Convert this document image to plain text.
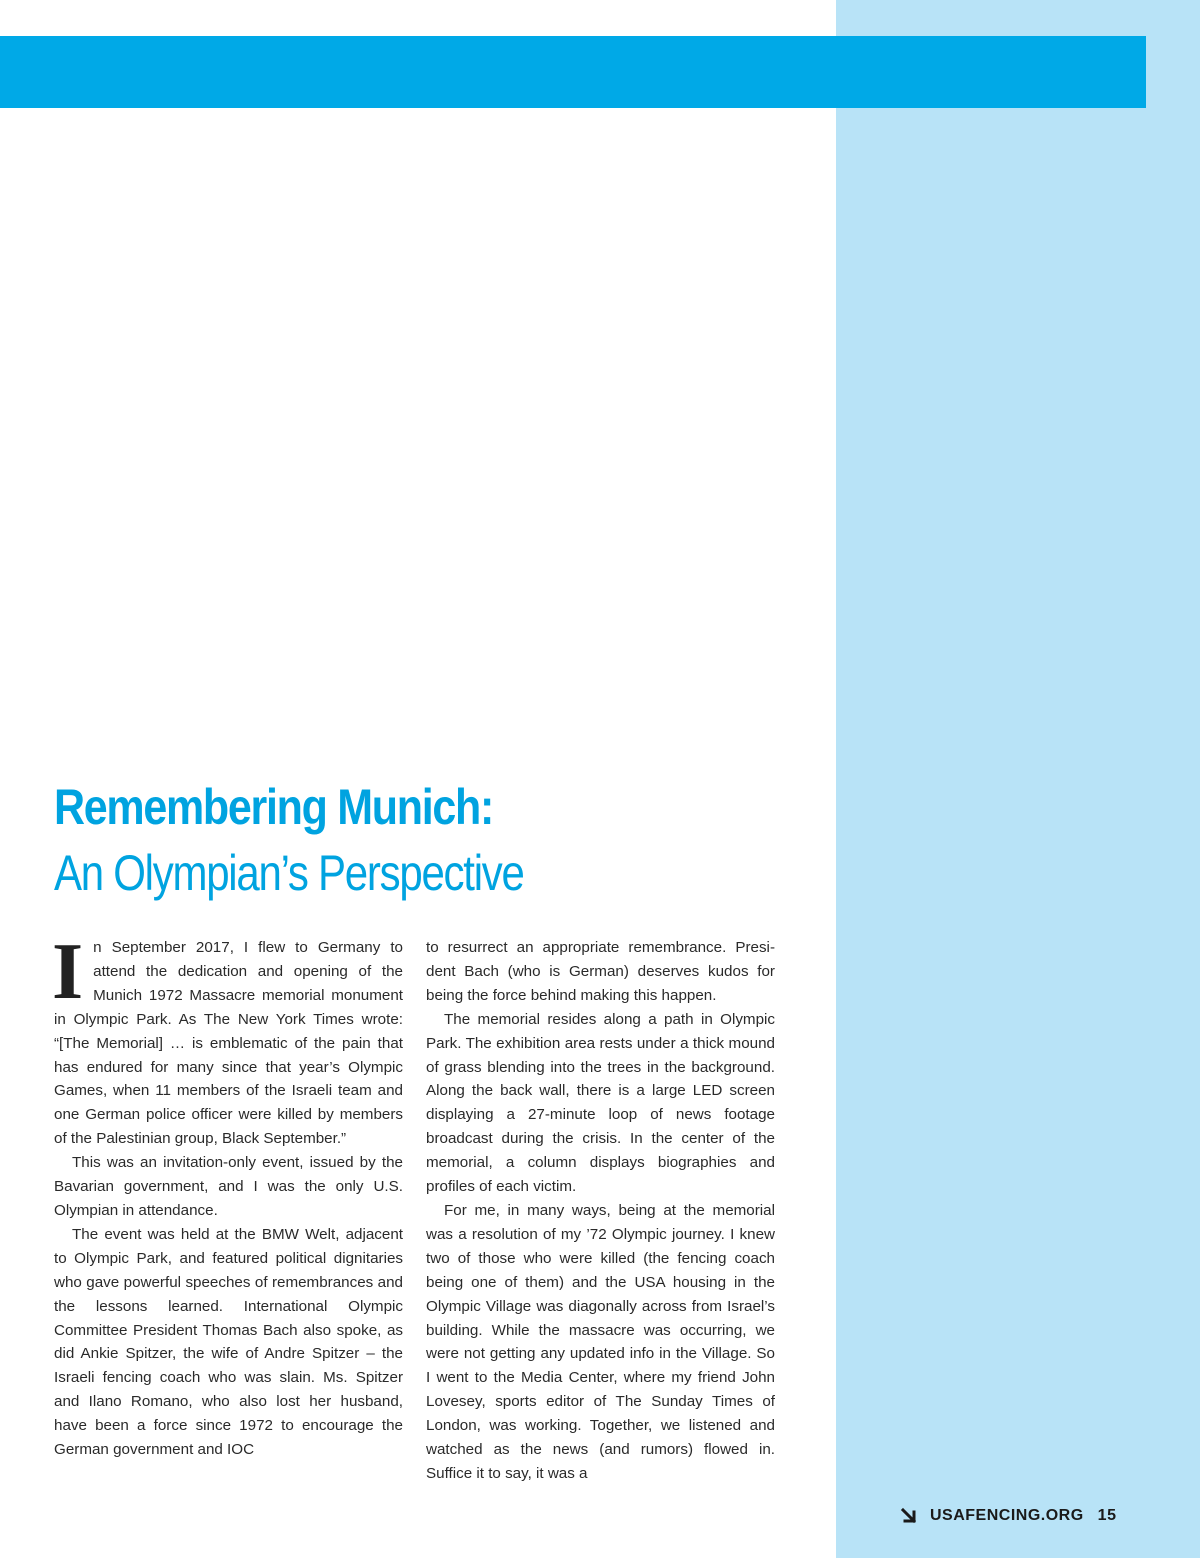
Remembering Munich:
An Olympian’s Perspective

In September 2017, I flew to Germany to attend the dedication and opening of the Munich 1972 Massacre memorial monument in Olympic Park. As The New York Times wrote: “[The Memorial] … is emblematic of the pain that has endured for many since that year’s Olympic Games, when 11 members of the Israeli team and one German police officer were killed by members of the Palestinian group, Black September.”

This was an invitation-only event, issued by the Bavarian government, and I was the only U.S. Olympian in attendance.

The event was held at the BMW Welt, adjacent to Olympic Park, and featured political dignitaries who gave powerful speeches of remembrances and the lessons learned. International Olympic Committee President Thomas Bach also spoke, as did Ankie Spitzer, the wife of Andre Spitzer – the Israeli fencing coach who was slain. Ms. Spitzer and Ilano Romano, who also lost her husband, have been a force since 1972 to encourage the German government and IOC

to resurrect an appropriate remembrance. President Bach (who is German) deserves kudos for being the force behind making this happen.

The memorial resides along a path in Olympic Park. The exhibition area rests under a thick mound of grass blending into the trees in the background. Along the back wall, there is a large LED screen displaying a 27-minute loop of news footage broadcast during the crisis. In the center of the memorial, a column displays biographies and profiles of each victim.

For me, in many ways, being at the memorial was a resolution of my ’72 Olympic journey. I knew two of those who were killed (the fencing coach being one of them) and the USA housing in the Olympic Village was diagonally across from Israel’s building. While the massacre was occurring, we were not getting any updated info in the Village. So I went to the Media Center, where my friend John Lovesey, sports editor of The Sunday Times of London, was working. Together, we listened and watched as the news (and rumors) flowed in. Suffice it to say, it was a

USAFENCING.ORG 15
